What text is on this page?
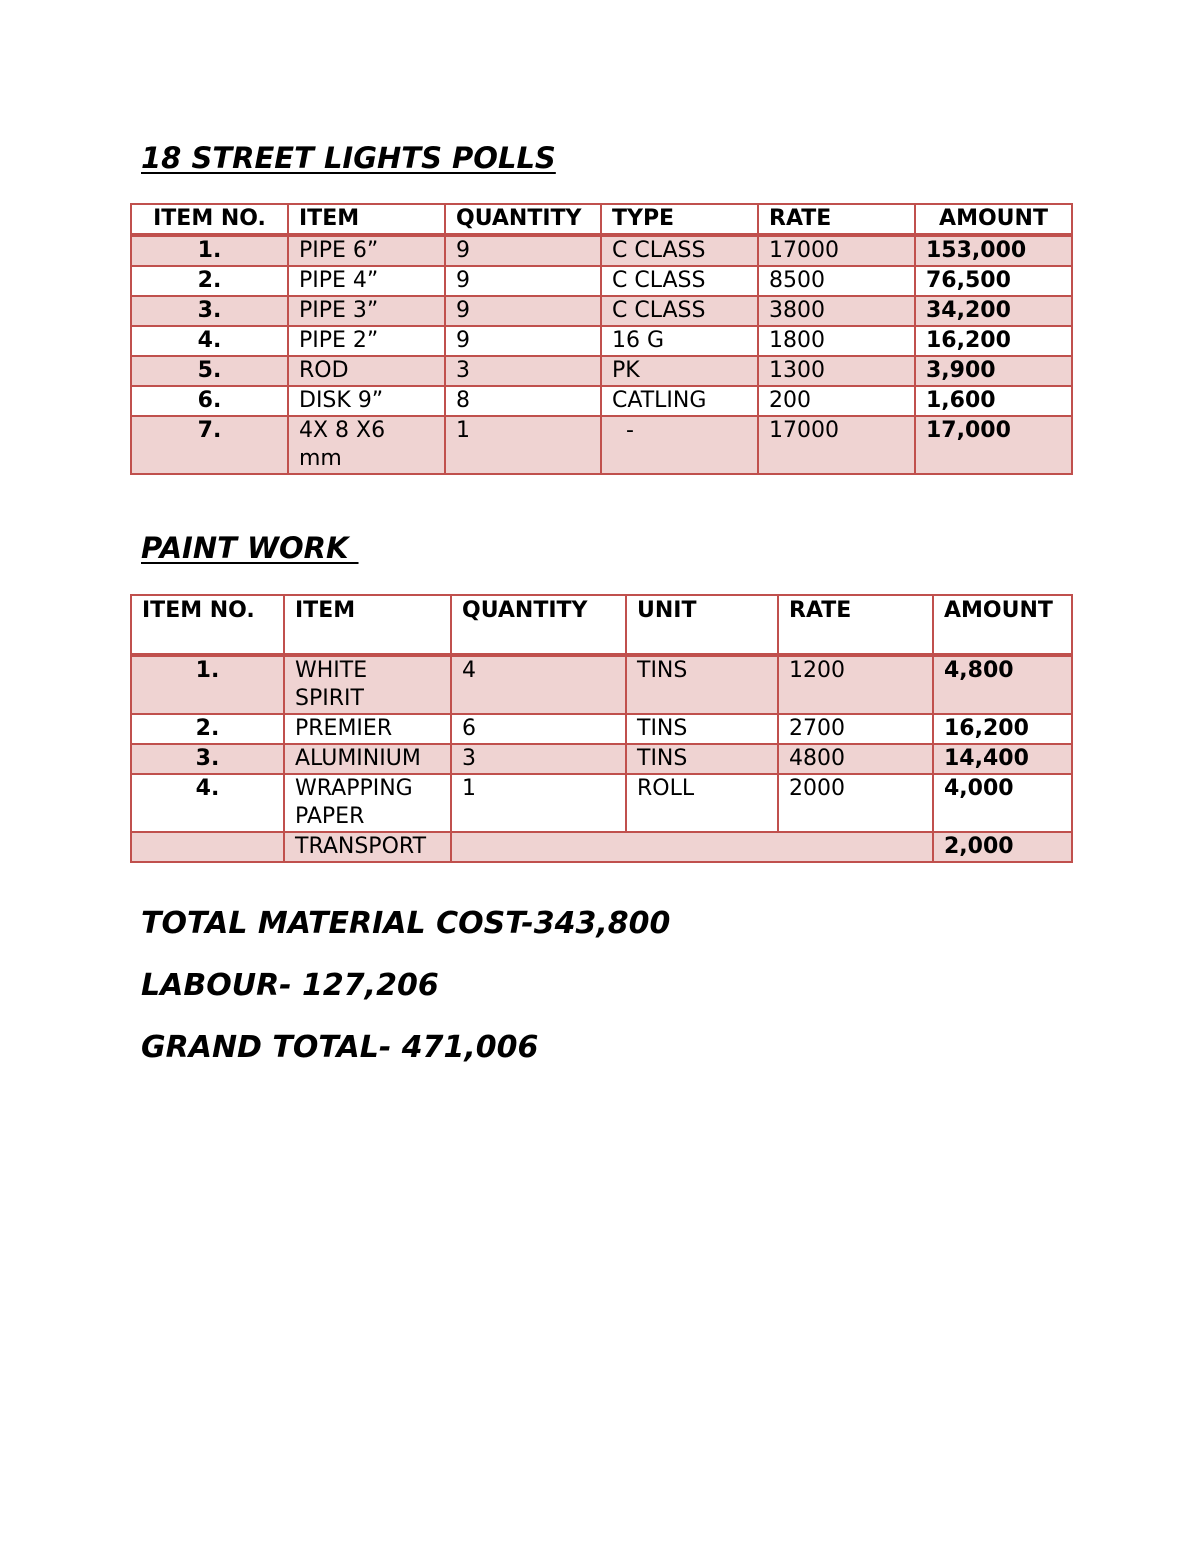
18 STREET LIGHTS POLLS
ITEM NO.	ITEM	QUANTITY	TYPE	RATE	AMOUNT
1.	PIPE 6”	9	C CLASS	17000	153,000
2.	PIPE 4”	9	C CLASS	8500	76,500
3.	PIPE 3”	9	C CLASS	3800	34,200
4.	PIPE 2”	9	16 G	1800	16,200
5.	ROD	3	PK	1300	3,900
6.	DISK 9”	8	CATLING	200	1,600
7.	4X 8 X6 mm	1	-	17000	17,000
PAINT WORK
ITEM NO.	ITEM	QUANTITY	UNIT	RATE	AMOUNT
1.	WHITE SPIRIT	4	TINS	1200	4,800
2.	PREMIER	6	TINS	2700	16,200
3.	ALUMINIUM	3	TINS	4800	14,400
4.	WRAPPING PAPER	1	ROLL	2000	4,000
	TRANSPORT				2,000

TOTAL MATERIAL COST-343,800

LABOUR- 127,206

GRAND TOTAL- 471,006
